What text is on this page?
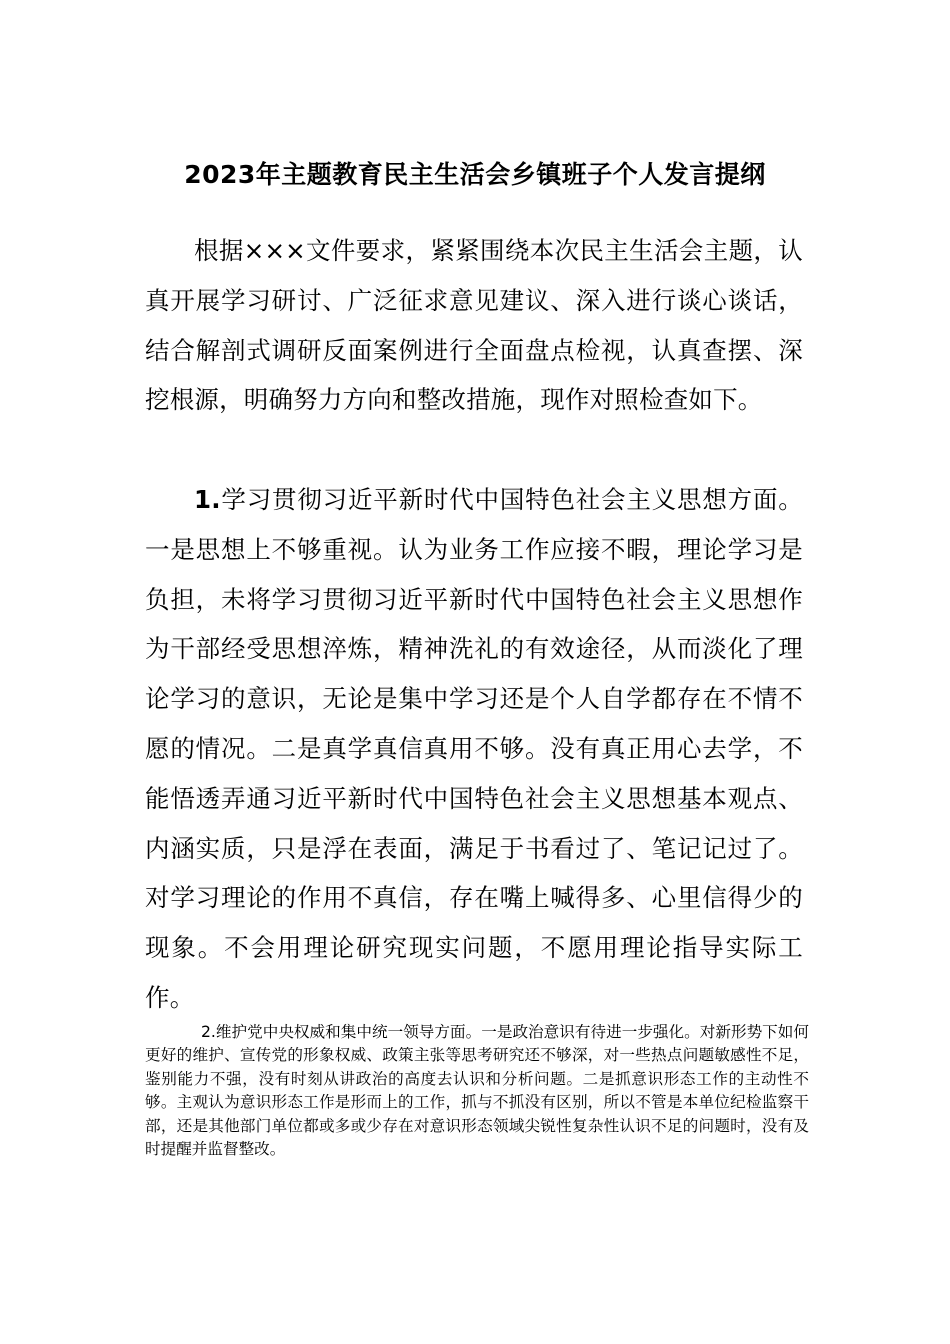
2023年主题教育民主生活会乡镇班子个人发言提纲

根据×××文件要求，紧紧围绕本次民主生活会主题，认真开展学习研讨、广泛征求意见建议、深入进行谈心谈话，结合解剖式调研反面案例进行全面盘点检视，认真查摆、深挖根源，明确努力方向和整改措施，现作对照检查如下。

1.学习贯彻习近平新时代中国特色社会主义思想方面。一是思想上不够重视。认为业务工作应接不暇，理论学习是负担，未将学习贯彻习近平新时代中国特色社会主义思想作为干部经受思想淬炼，精神洗礼的有效途径，从而淡化了理论学习的意识，无论是集中学习还是个人自学都存在不情不愿的情况。二是真学真信真用不够。没有真正用心去学，不能悟透弄通习近平新时代中国特色社会主义思想基本观点、内涵实质，只是浮在表面，满足于书看过了、笔记记过了。对学习理论的作用不真信，存在嘴上喊得多、心里信得少的现象。不会用理论研究现实问题，不愿用理论指导实际工作。

2.维护党中央权威和集中统一领导方面。一是政治意识有待进一步强化。对新形势下如何更好的维护、宣传党的形象权威、政策主张等思考研究还不够深，对一些热点问题敏感性不足，鉴别能力不强，没有时刻从讲政治的高度去认识和分析问题。二是抓意识形态工作的主动性不够。主观认为意识形态工作是形而上的工作，抓与不抓没有区别，所以不管是本单位纪检监察干部，还是其他部门单位都或多或少存在对意识形态领域尖锐性复杂性认识不足的问题时，没有及时提醒并监督整改。
